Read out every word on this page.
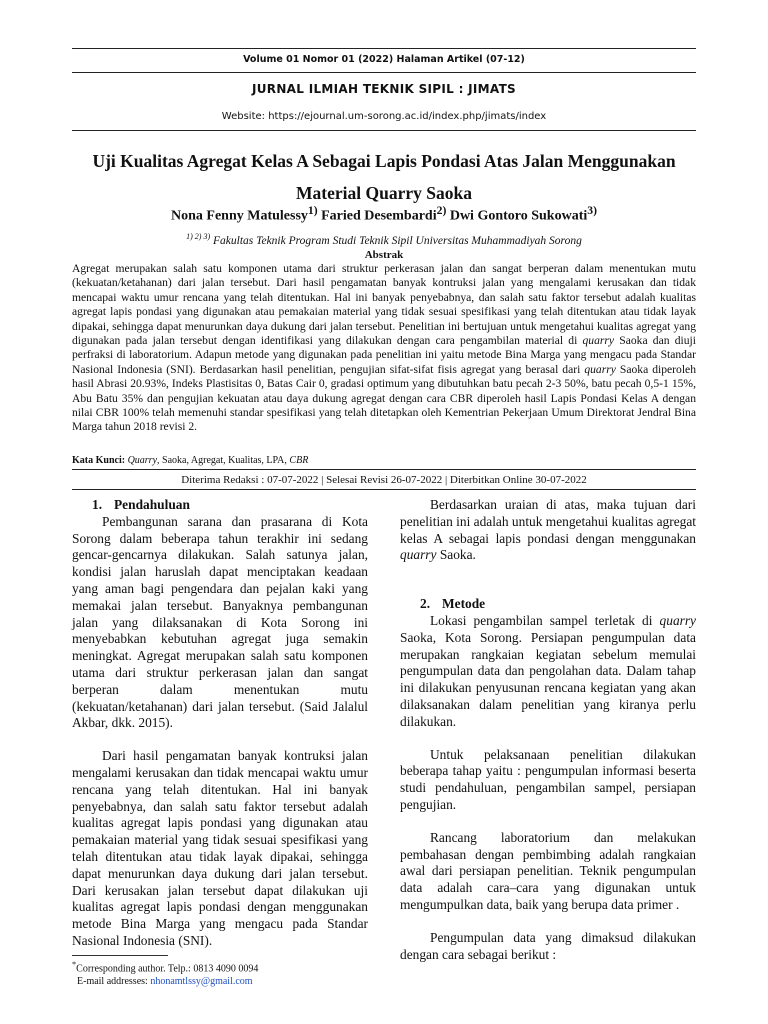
Volume 01 Nomor 01 (2022) Halaman Artikel (07-12)
JURNAL ILMIAH TEKNIK SIPIL : JIMATS
Website: https://ejournal.um-sorong.ac.id/index.php/jimats/index
Uji Kualitas Agregat Kelas A Sebagai Lapis Pondasi Atas Jalan Menggunakan Material Quarry Saoka
Nona Fenny Matulessy$^{1)}$ Faried Desembardi$^{2)}$ Dwi Gontoro Sukowati$^{3)}$
$^{1) 2) 3)}$ Fakultas Teknik Program Studi Teknik Sipil Universitas Muhammadiyah Sorong
Abstrak

Agregat merupakan salah satu komponen utama dari struktur perkerasan jalan dan sangat berperan dalam menentukan mutu (kekuatan/ketahanan) dari jalan tersebut. Dari hasil pengamatan banyak kontruksi jalan yang mengalami kerusakan dan tidak mencapai waktu umur rencana yang telah ditentukan. Hal ini banyak penyebabnya, dan salah satu faktor tersebut adalah kualitas agregat lapis pondasi yang digunakan atau pemakaian material yang tidak sesuai spesifikasi yang telah ditentukan atau tidak layak dipakai, sehingga dapat menurunkan daya dukung dari jalan tersebut. Penelitian ini bertujuan untuk mengetahui kualitas agregat yang digunakan pada jalan tersebut dengan identifikasi yang dilakukan dengan cara pengambilan material di quarry Saoka dan diuji perfraksi di laboratorium. Adapun metode yang digunakan pada penelitian ini yaitu metode Bina Marga yang mengacu pada Standar Nasional Indonesia (SNI). Berdasarkan hasil penelitian, pengujian sifat-sifat fisis agregat yang berasal dari quarry Saoka diperoleh hasil Abrasi 20.93%, Indeks Plastisitas 0, Batas Cair 0, gradasi optimum yang dibutuhkan batu pecah 2-3 50%, batu pecah 0,5-1 15%, Abu Batu 35% dan pengujian kekuatan atau daya dukung agregat dengan cara CBR diperoleh hasil Lapis Pondasi Kelas A dengan nilai CBR 100% telah memenuhi standar spesifikasi yang telah ditetapkan oleh Kementrian Pekerjaan Umum Direktorat Jendral Bina Marga tahun 2018 revisi 2.

Kata Kunci: Quarry, Saoka, Agregat, Kualitas, LPA, CBR
Diterima Redaksi : 07-07-2022 | Selesai Revisi 26-07-2022 | Diterbitkan Online 30-07-2022
1. Pendahuluan

Pembangunan sarana dan prasarana di Kota Sorong dalam beberapa tahun terakhir ini sedang gencar-gencarnya dilakukan. Salah satunya jalan, kondisi jalan haruslah dapat menciptakan keadaan yang aman bagi pengendara dan pejalan kaki yang memakai jalan tersebut. Banyaknya pembangunan jalan yang dilaksanakan di Kota Sorong ini menyebabkan kebutuhan agregat juga semakin meningkat. Agregat merupakan salah satu komponen utama dari struktur perkerasan jalan dan sangat berperan dalam menentukan mutu (kekuatan/ketahanan) dari jalan tersebut. (Said Jalalul Akbar, dkk. 2015).

Dari hasil pengamatan banyak kontruksi jalan mengalami kerusakan dan tidak mencapai waktu umur rencana yang telah ditentukan. Hal ini banyak penyebabnya, dan salah satu faktor tersebut adalah kualitas agregat lapis pondasi yang digunakan atau pemakaian material yang tidak sesuai spesifikasi yang telah ditentukan atau tidak layak dipakai, sehingga dapat menurunkan daya dukung dari jalan tersebut. Dari kerusakan jalan tersebut dapat dilakukan uji kualitas agregat lapis pondasi dengan menggunakan metode Bina Marga yang mengacu pada Standar Nasional Indonesia (SNI).

Berdasarkan uraian di atas, maka tujuan dari penelitian ini adalah untuk mengetahui kualitas agregat kelas A sebagai lapis pondasi dengan menggunakan quarry Saoka.

2. Metode

Lokasi pengambilan sampel terletak di quarry Saoka, Kota Sorong. Persiapan pengumpulan data merupakan rangkaian kegiatan sebelum memulai pengumpulan data dan pengolahan data. Dalam tahap ini dilakukan penyusunan rencana kegiatan yang akan dilaksanakan dalam penelitian yang kiranya perlu dilakukan.

Untuk pelaksanaan penelitian dilakukan beberapa tahap yaitu : pengumpulan informasi beserta studi pendahuluan, pengambilan sampel, persiapan pengujian.

Rancang laboratorium dan melakukan pembahasan dengan pembimbing adalah rangkaian awal dari persiapan penelitian. Teknik pengumpulan data adalah cara–cara yang digunakan untuk mengumpulkan data, baik yang berupa data primer .

Pengumpulan data yang dimaksud dilakukan dengan cara sebagai berikut :

*Corresponding author. Telp.: 0813 4090 0094
E-mail addresses: nhonamtlssy@gmail.com
